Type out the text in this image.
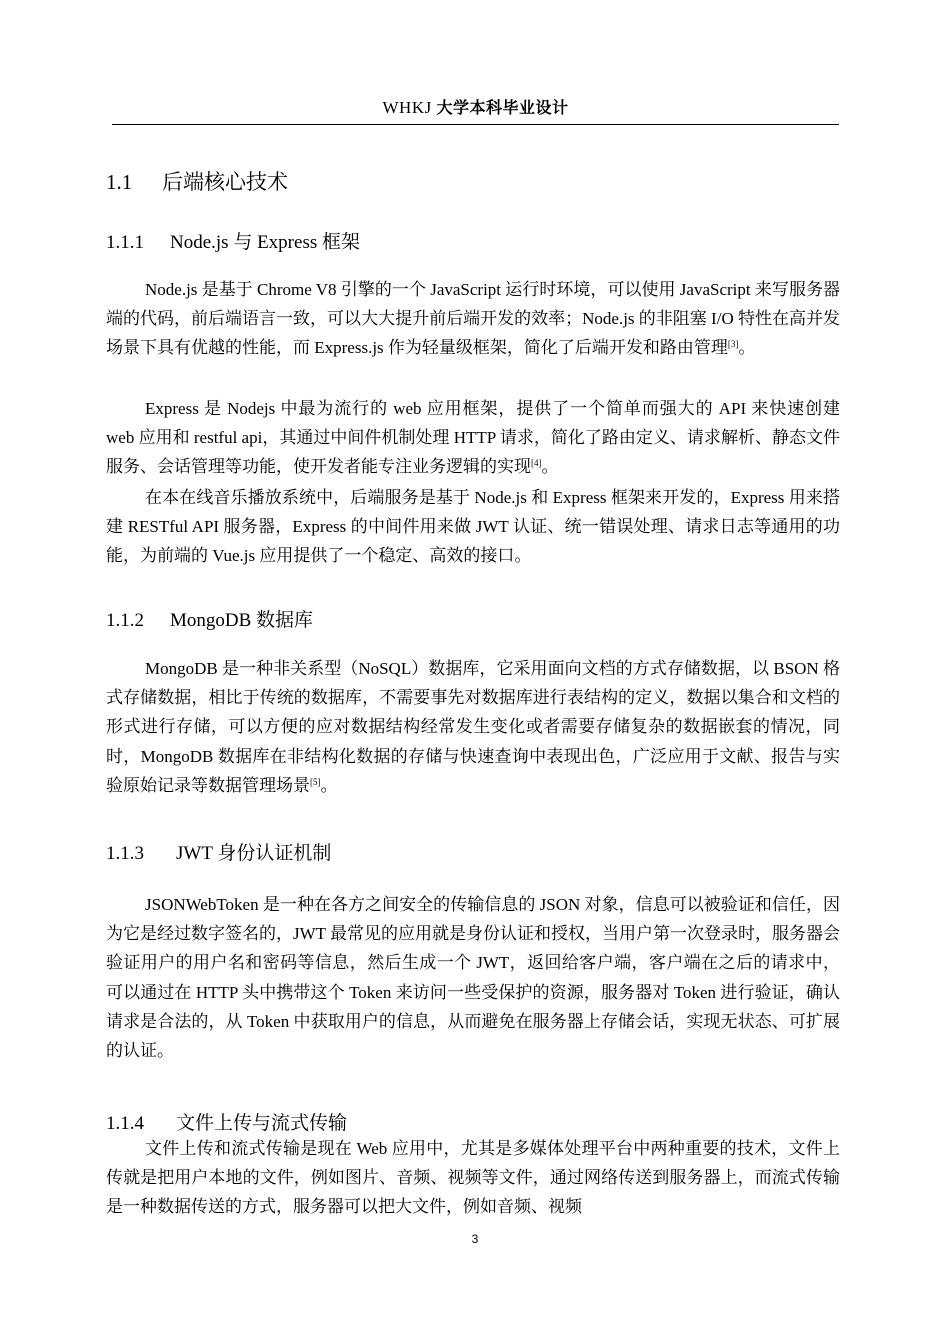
WHKJ 大学本科毕业设计
1.1 后端核心技术
1.1.1 Node.js 与 Express 框架

Node.js 是基于 Chrome V8 引擎的一个 JavaScript 运行时环境，可以使用 JavaScript 来写服务器端的代码，前后端语言一致，可以大大提升前后端开发的效率；Node.js 的非阻塞 I/O 特性在高并发场景下具有优越的性能，而 Express.js 作为轻量级框架，简化了后端开发和路由管理[3]。

Express 是 Nodejs 中最为流行的 web 应用框架，提供了一个简单而强大的 API 来快速创建 web 应用和 restful api，其通过中间件机制处理 HTTP 请求，简化了路由定义、请求解析、静态文件服务、会话管理等功能，使开发者能专注业务逻辑的实现[4]。

在本在线音乐播放系统中，后端服务是基于 Node.js 和 Express 框架来开发的，Express 用来搭建 RESTful API 服务器，Express 的中间件用来做 JWT 认证、统一错误处理、请求日志等通用的功能，为前端的 Vue.js 应用提供了一个稳定、高效的接口。

1.1.2 MongoDB 数据库

MongoDB 是一种非关系型（NoSQL）数据库，它采用面向文档的方式存储数据，以 BSON 格式存储数据，相比于传统的数据库，不需要事先对数据库进行表结构的定义，数据以集合和文档的形式进行存储，可以方便的应对数据结构经常发生变化或者需要存储复杂的数据嵌套的情况，同时，MongoDB 数据库在非结构化数据的存储与快速查询中表现出色，广泛应用于文献、报告与实验原始记录等数据管理场景[5]。

1.1.3 JWT 身份认证机制

JSONWebToken 是一种在各方之间安全的传输信息的 JSON 对象，信息可以被验证和信任，因为它是经过数字签名的，JWT 最常见的应用就是身份认证和授权，当用户第一次登录时，服务器会验证用户的用户名和密码等信息，然后生成一个 JWT，返回给客户端，客户端在之后的请求中，可以通过在 HTTP 头中携带这个 Token 来访问一些受保护的资源，服务器对 Token 进行验证，确认请求是合法的，从 Token 中获取用户的信息，从而避免在服务器上存储会话，实现无状态、可扩展的认证。

1.1.4 文件上传与流式传输

文件上传和流式传输是现在 Web 应用中，尤其是多媒体处理平台中两种重要的技术，文件上传就是把用户本地的文件，例如图片、音频、视频等文件，通过网络传送到服务器上，而流式传输是一种数据传送的方式，服务器可以把大文件，例如音频、视频

3
